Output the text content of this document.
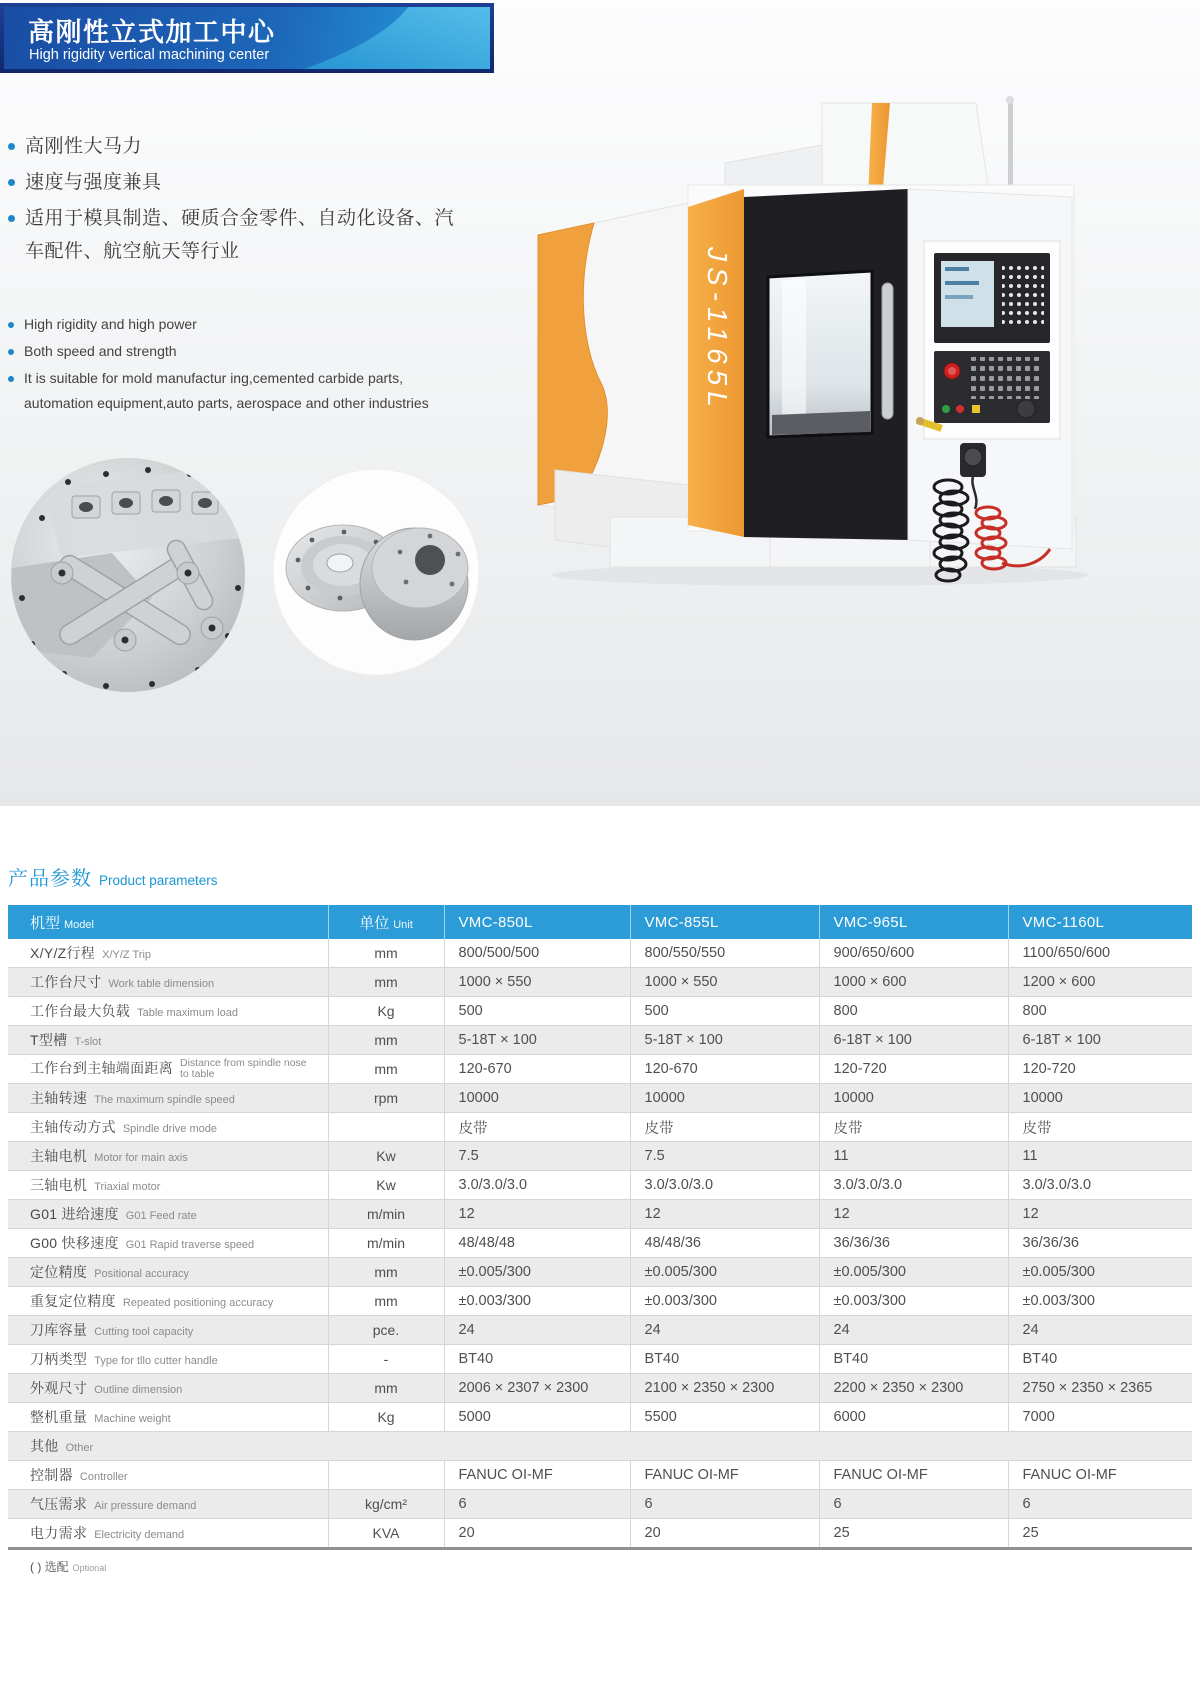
高刚性立式加工中心
High rigidity vertical machining center
高刚性大马力
速度与强度兼具
适用于模具制造、硬质合金零件、自动化设备、汽车配件、航空航天等行业
High rigidity and high power
Both speed and strength
It is suitable for mold manufactur ing,cemented carbide parts, automation equipment,auto parts, aerospace and other industries	JS-1165L
产品参数 Product parameters
机型 Model	单位 Unit	VMC-850L	VMC-855L	VMC-965L	VMC-1160L
X/Y/Z行程 X/Y/Z Trip	mm	800/500/500	800/550/550	900/650/600	1100/650/600
工作台尺寸 Work table dimension	mm	1000 × 550	1000 × 550	1000 × 600	1200 × 600
工作台最大负载 Table maximum load	Kg	500	500	800	800
T型槽 T-slot	mm	5-18T × 100	5-18T × 100	6-18T × 100	6-18T × 100
工作台到主轴端面距离 Distance from spindle nose to table	mm	120-670	120-670	120-720	120-720
主轴转速 The maximum spindle speed	rpm	10000	10000	10000	10000
主轴传动方式 Spindle drive mode		皮带	皮带	皮带	皮带
主轴电机 Motor for main axis	Kw	7.5	7.5	11	11
三轴电机 Triaxial motor	Kw	3.0/3.0/3.0	3.0/3.0/3.0	3.0/3.0/3.0	3.0/3.0/3.0
G01 进给速度 G01 Feed rate	m/min	12	12	12	12
G00 快移速度 G01 Rapid traverse speed	m/min	48/48/48	48/48/36	36/36/36	36/36/36
定位精度 Positional accuracy	mm	±0.005/300	±0.005/300	±0.005/300	±0.005/300
重复定位精度 Repeated positioning accuracy	mm	±0.003/300	±0.003/300	±0.003/300	±0.003/300
刀库容量 Cutting tool capacity	pce.	24	24	24	24
刀柄类型 Type for tllo cutter handle	-	BT40	BT40	BT40	BT40
外观尺寸 Outline dimension	mm	2006 × 2307 × 2300	2100 × 2350 × 2300	2200 × 2350 × 2300	2750 × 2350 × 2365
整机重量 Machine weight	Kg	5000	5500	6000	7000
其他 Other					
控制器 Controller		FANUC OI-MF	FANUC OI-MF	FANUC OI-MF	FANUC OI-MF
气压需求 Air pressure demand	kg/cm²	6	6	6	6
电力需求 Electricity demand	KVA	20	20	25	25
( ) 选配 Optional
